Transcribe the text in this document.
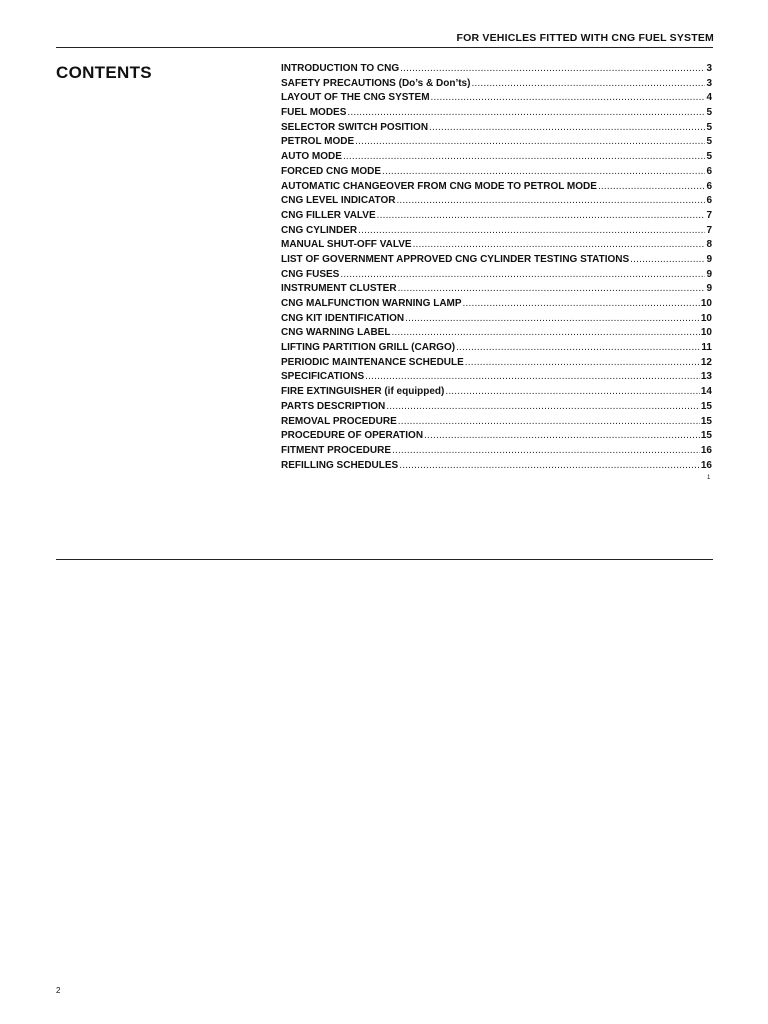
FOR VEHICLES FITTED WITH CNG FUEL SYSTEM
CONTENTS	INTRODUCTION TO CNG .....	3
SAFETY PRECAUTIONS (Do’s & Don’ts) .....	3
LAYOUT OF THE CNG SYSTEM .....	4
FUEL MODES .....	5
SELECTOR SWITCH POSITION .....	5
PETROL MODE .....	5
AUTO MODE .....	5
FORCED CNG MODE .....	6
AUTOMATIC CHANGEOVER FROM CNG MODE TO PETROL MODE .....	6
CNG LEVEL INDICATOR .....	6
CNG FILLER VALVE .....	7
CNG CYLINDER .....	7
MANUAL SHUT-OFF VALVE .....	8
LIST OF GOVERNMENT APPROVED CNG CYLINDER TESTING STATIONS .....	9
CNG FUSES .....	9
INSTRUMENT CLUSTER .....	9
CNG MALFUNCTION WARNING LAMP .....	10
CNG KIT IDENTIFICATION .....	10
CNG WARNING LABEL .....	10
LIFTING PARTITION GRILL (CARGO) .....	11
PERIODIC MAINTENANCE SCHEDULE .....	12
SPECIFICATIONS .....	13
FIRE EXTINGUISHER (if equipped) .....	14
PARTS DESCRIPTION .....	15
REMOVAL PROCEDURE .....	15
PROCEDURE OF OPERATION .....	15
FITMENT PROCEDURE .....	16
REFILLING SCHEDULES .....	16
1
2
